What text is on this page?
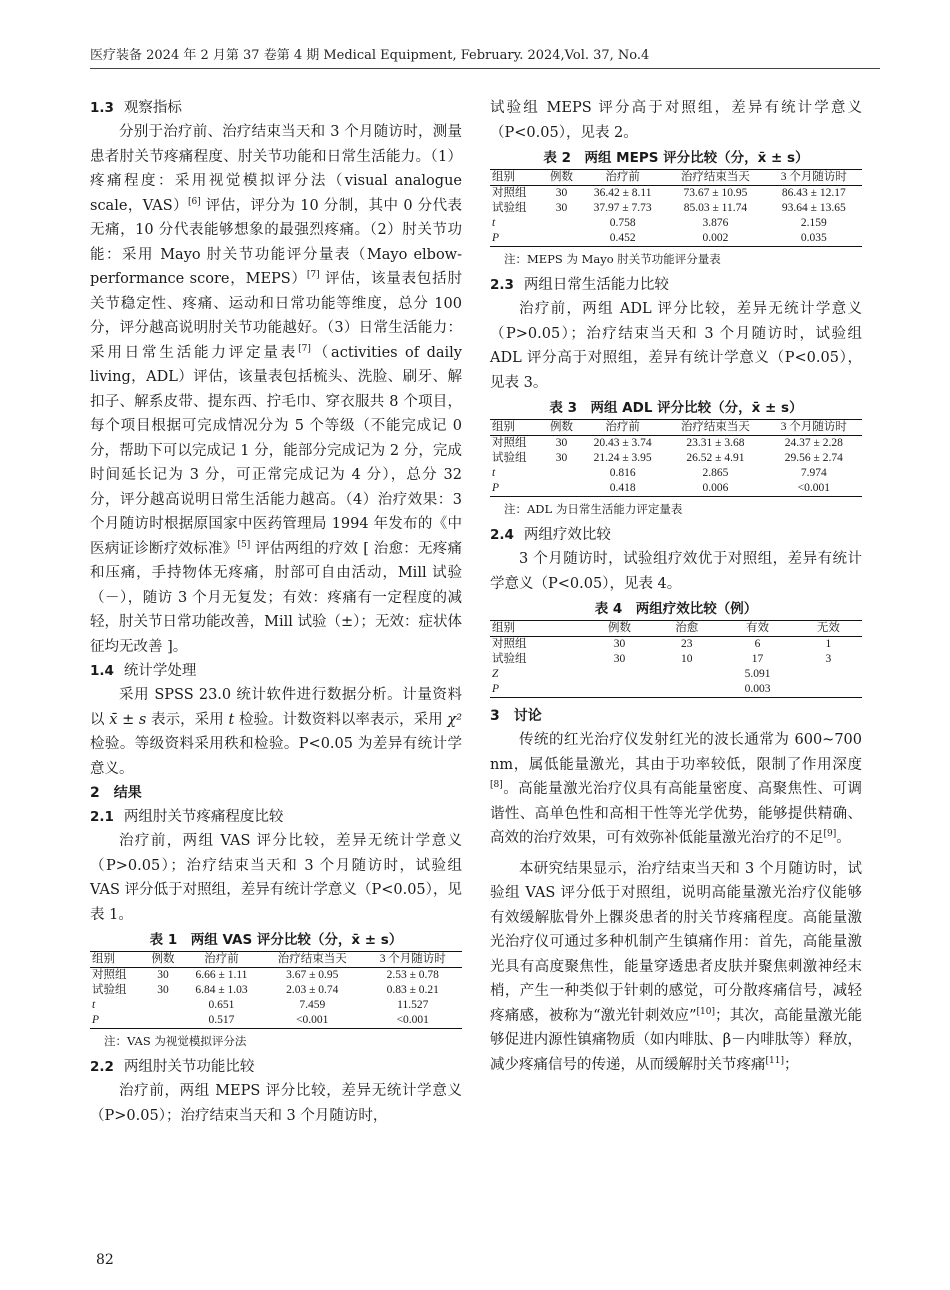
医疗装备 2024 年 2 月第 37 卷第 4 期 Medical Equipment, February. 2024,Vol. 37, No.4

1.3 观察指标

分别于治疗前、治疗结束当天和 3 个月随访时，测量患者肘关节疼痛程度、肘关节功能和日常生活能力。（1）疼痛程度：采用视觉模拟评分法（visual analogue scale，VAS）[6] 评估，评分为 10 分制，其中 0 分代表无痛，10 分代表能够想象的最强烈疼痛。（2）肘关节功能：采用 Mayo 肘关节功能评分量表（Mayo elbow-performance score，MEPS）[7] 评估，该量表包括肘关节稳定性、疼痛、运动和日常功能等维度，总分 100 分，评分越高说明肘关节功能越好。（3）日常生活能力：采用日常生活能力评定量表[7]（activities of daily living，ADL）评估，该量表包括梳头、洗脸、刷牙、解扣子、解系皮带、提东西、拧毛巾、穿衣服共 8 个项目，每个项目根据可完成情况分为 5 个等级（不能完成记 0 分，帮助下可以完成记 1 分，能部分完成记为 2 分，完成时间延长记为 3 分，可正常完成记为 4 分），总分 32 分，评分越高说明日常生活能力越高。（4）治疗效果：3 个月随访时根据原国家中医药管理局 1994 年发布的《中医病证诊断疗效标准》[5] 评估两组的疗效 [ 治愈：无疼痛和压痛，手持物体无疼痛，肘部可自由活动，Mill 试验（－），随访 3 个月无复发；有效：疼痛有一定程度的减轻，肘关节日常功能改善，Mill 试验（±）；无效：症状体征均无改善 ]。

1.4 统计学处理

采用 SPSS 23.0 统计软件进行数据分析。计量资料以 x̄ ± s 表示，采用 t 检验。计数资料以率表示，采用 χ² 检验。等级资料采用秩和检验。P<0.05 为差异有统计学意义。

2　结果

2.1 两组肘关节疼痛程度比较

治疗前，两组 VAS 评分比较，差异无统计学意义（P>0.05）；治疗结束当天和 3 个月随访时，试验组 VAS 评分低于对照组，差异有统计学意义（P<0.05），见表 1。

表 1　两组 VAS 评分比较（分，x̄ ± s）

组别	例数	治疗前	治疗结束当天	3 个月随访时
对照组	30	6.66 ± 1.11	3.67 ± 0.95	2.53 ± 0.78
试验组	30	6.84 ± 1.03	2.03 ± 0.74	0.83 ± 0.21
t		0.651	7.459	11.527
P		0.517	<0.001	<0.001

注：VAS 为视觉模拟评分法

2.2 两组肘关节功能比较

治疗前，两组 MEPS 评分比较，差异无统计学意义（P>0.05）；治疗结束当天和 3 个月随访时，

试验组 MEPS 评分高于对照组，差异有统计学意义（P<0.05），见表 2。

表 2　两组 MEPS 评分比较（分，x̄ ± s）

组别	例数	治疗前	治疗结束当天	3 个月随访时
对照组	30	36.42 ± 8.11	73.67 ± 10.95	86.43 ± 12.17
试验组	30	37.97 ± 7.73	85.03 ± 11.74	93.64 ± 13.65
t		0.758	3.876	2.159
P		0.452	0.002	0.035

注：MEPS 为 Mayo 肘关节功能评分量表

2.3 两组日常生活能力比较

治疗前，两组 ADL 评分比较，差异无统计学意义（P>0.05）；治疗结束当天和 3 个月随访时，试验组 ADL 评分高于对照组，差异有统计学意义（P<0.05），见表 3。

表 3　两组 ADL 评分比较（分，x̄ ± s）

组别	例数	治疗前	治疗结束当天	3 个月随访时
对照组	30	20.43 ± 3.74	23.31 ± 3.68	24.37 ± 2.28
试验组	30	21.24 ± 3.95	26.52 ± 4.91	29.56 ± 2.74
t		0.816	2.865	7.974
P		0.418	0.006	<0.001

注：ADL 为日常生活能力评定量表

2.4 两组疗效比较

3 个月随访时，试验组疗效优于对照组，差异有统计学意义（P<0.05），见表 4。

表 4　两组疗效比较（例）

组别	例数	治愈	有效	无效
对照组	30	23	6	1
试验组	30	10	17	3
Z			5.091	
P			0.003	

3　讨论

传统的红光治疗仪发射红光的波长通常为 600~700 nm，属低能量激光，其由于功率较低，限制了作用深度[8]。高能量激光治疗仪具有高能量密度、高聚焦性、可调谐性、高单色性和高相干性等光学优势，能够提供精确、高效的治疗效果，可有效弥补低能量激光治疗的不足[9]。

本研究结果显示，治疗结束当天和 3 个月随访时，试验组 VAS 评分低于对照组，说明高能量激光治疗仪能够有效缓解肱骨外上髁炎患者的肘关节疼痛程度。高能量激光治疗仪可通过多种机制产生镇痛作用：首先，高能量激光具有高度聚焦性，能量穿透患者皮肤并聚焦刺激神经末梢，产生一种类似于针刺的感觉，可分散疼痛信号，减轻疼痛感，被称为“激光针刺效应”[10]；其次，高能量激光能够促进内源性镇痛物质（如内啡肽、β－内啡肽等）释放，减少疼痛信号的传递，从而缓解肘关节疼痛[11]；

82
